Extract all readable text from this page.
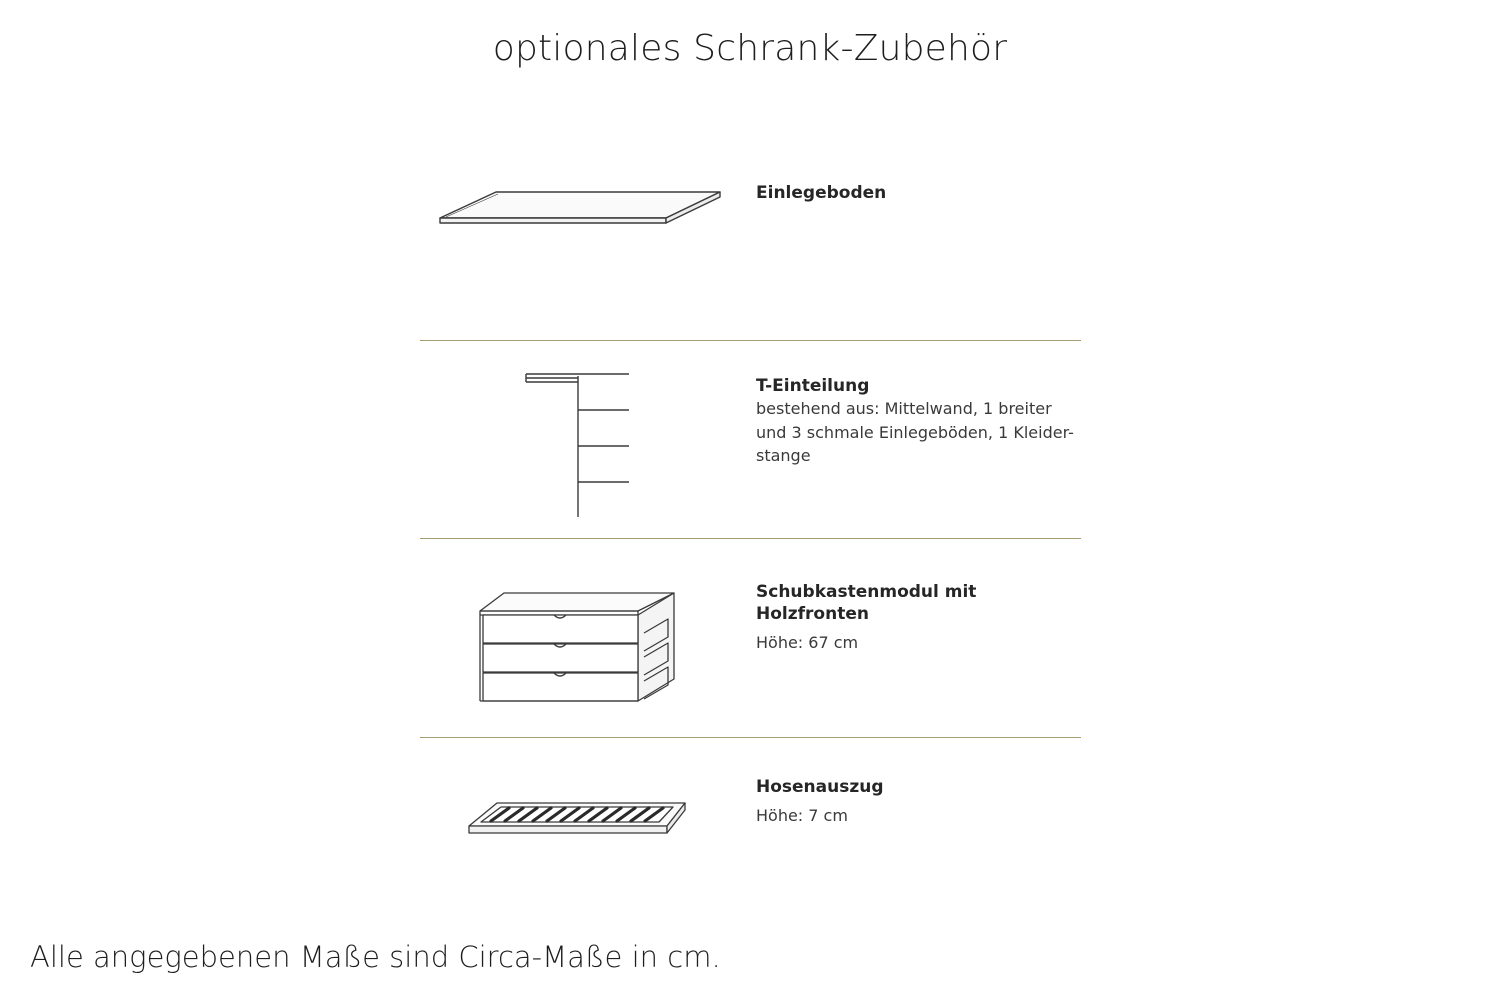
optionales Schrank-Zubehör
Einlegeboden
T-Einteilung
bestehend aus: Mittelwand, 1 breiter
und 3 schmale Einlegeböden, 1 Kleider-
stange
Schubkastenmodul mit Holzfronten
Höhe: 67 cm
Hosenauszug
Höhe: 7 cm
Alle angegebenen Maße sind Circa-Maße in cm.
